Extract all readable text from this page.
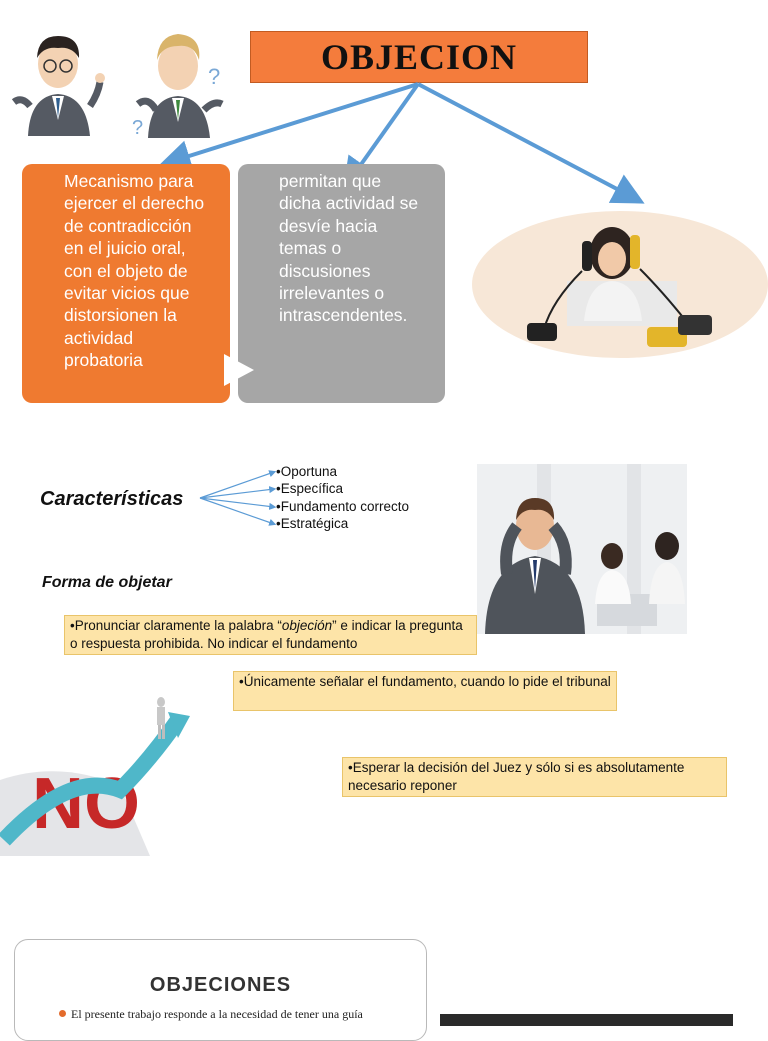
?
?
OBJECION
Mecanismo para
ejercer el derecho
de contradicción
en el juicio oral,
con el objeto de
evitar vicios que
distorsionen la
actividad
probatoria
permitan que
dicha actividad se
desvíe hacia
temas o
discusiones
irrelevantes o
intrascendentes.
Características
•Oportuna
•Específica
•Fundamento correcto
•Estratégica
Forma de objetar
•Pronunciar claramente la palabra “objeción” e indicar la pregunta o respuesta prohibida. No indicar el fundamento
•Únicamente señalar el fundamento, cuando lo pide el tribunal
•Esperar la decisión del Juez y sólo si es absolutamente necesario reponer
NO
OBJECIONES
El presente trabajo responde a la necesidad de tener una guía
